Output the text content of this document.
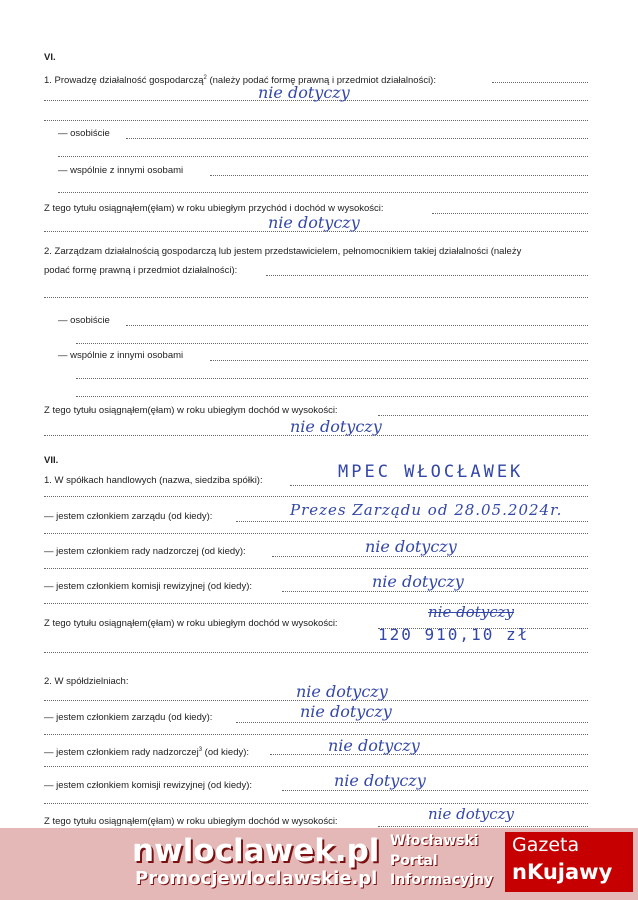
VI.
1. Prowadzę działalność gospodarczą$^2$ (należy podać formę prawną i przedmiot działalności):
nie dotyczy
— osobiście
— wspólnie z innymi osobami
Z tego tytułu osiągnąłem(ęłam) w roku ubiegłym przychód i dochód w wysokości:
nie dotyczy
2. Zarządzam działalnością gospodarczą lub jestem przedstawicielem, pełnomocnikiem takiej działalności (należy
podać formę prawną i przedmiot działalności):
— osobiście
— wspólnie z innymi osobami
Z tego tytułu osiągnąłem(ęłam) w roku ubiegłym dochód w wysokości:
nie dotyczy
VII.
1. W spółkach handlowych (nazwa, siedziba spółki):	MPEC WŁOCŁAWEK
— jestem członkiem zarządu (od kiedy):	Prezes Zarządu od 28.05.2024r.
— jestem członkiem rady nadzorczej (od kiedy):	nie dotyczy
— jestem członkiem komisji rewizyjnej (od kiedy):	nie dotyczy
Z tego tytułu osiągnąłem(ęłam) w roku ubiegłym dochód w wysokości:
nie dotyczy
120 910,10 zł
2. W spółdzielniach:
nie dotyczy
— jestem członkiem zarządu (od kiedy):	nie dotyczy
— jestem członkiem rady nadzorczej$^3$ (od kiedy):	nie dotyczy
— jestem członkiem komisji rewizyjnej (od kiedy):	nie dotyczy
Z tego tytułu osiągnąłem(ęłam) w roku ubiegłym dochód w wysokości:	nie dotyczy
nwloclawek.pl
Promocjewloclawskie.pl
Włocławski
Portal
Informacyjny
Gazeta
nKujawy
